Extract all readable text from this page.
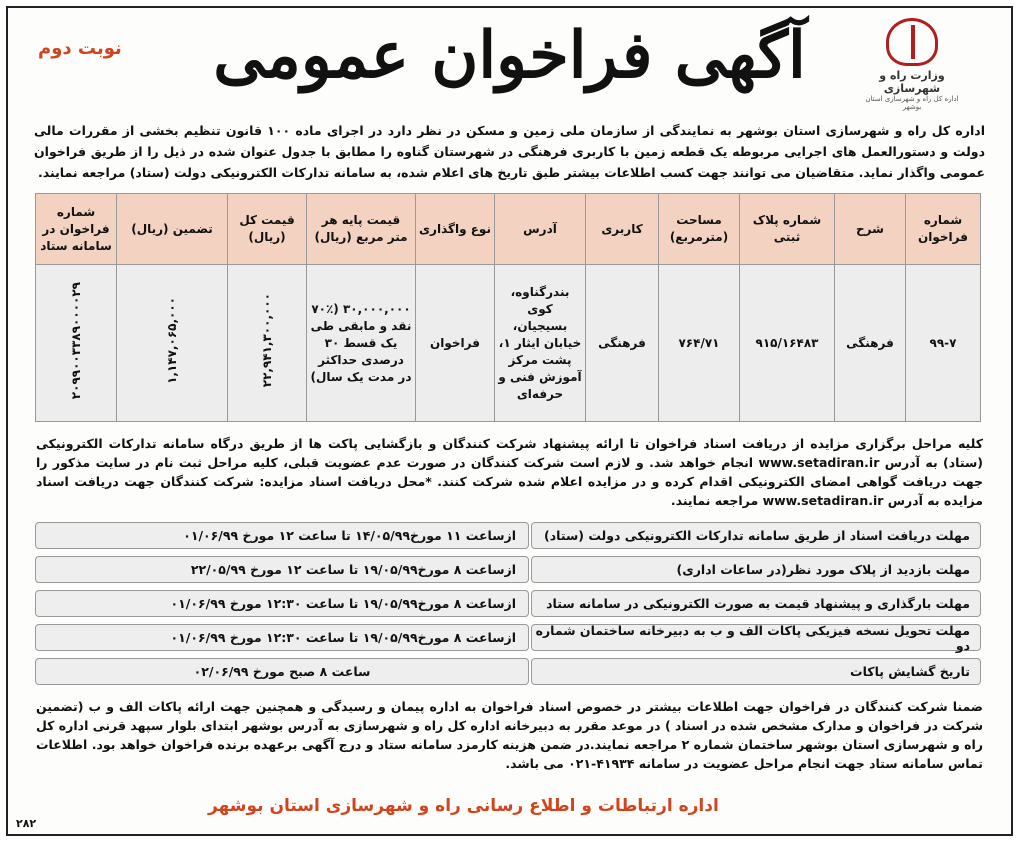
وزارت راه و شهرسازی
اداره کل راه و شهرسازی استان بوشهر
آگهی فراخوان عمومی
نوبت دوم
اداره کل راه و شهرسازی استان بوشهر به نمایندگی از سازمان ملی زمین و مسکن در نظر دارد در اجرای ماده ۱۰۰ قانون تنظیم بخشی از مقررات مالی دولت و دستورالعمل های اجرایی مربوطه یک قطعه زمین با کاربری فرهنگی در شهرستان گناوه را مطابق با جدول عنوان شده در ذیل را از طریق فراخوان عمومی واگذار نماید. متقاضیان می توانند جهت کسب اطلاعات بیشتر طبق تاریخ های اعلام شده، به سامانه تدارکات الکترونیکی دولت (ستاد) مراجعه نمایند.
شماره فراخوان	شرح	شماره پلاک ثبتی	مساحت (مترمربع)	کاربری	آدرس	نوع واگذاری	قیمت پایه هر متر مربع (ریال)	قیمت کل (ریال)	تضمین (ریال)	شماره فراخوان در سامانه ستاد
۹۹-۷	فرهنگی	۹۱۵/۱۶۴۸۳	۷۶۴/۷۱	فرهنگی	بندرگناوه، کوی بسیجیان، خیابان ایثار ۱، پشت مرکز آموزش فنی و حرفه‌ای	فراخوان	۳۰,۰۰۰,۰۰۰ (۷۰٪ نقد و مابقی طی یک قسط ۳۰ درصدی حداکثر در مدت یک سال)	۲۲,۹۴۱,۳۰۰,۰۰۰	۱,۱۴۷,۰۶۵,۰۰۰	۲۰۹۹۰۰۳۳۸۹۰۰۰۰۲۹
کلیه مراحل برگزاری مزایده از دریافت اسناد فراخوان تا ارائه پیشنهاد شرکت کنندگان و بازگشایی پاکت ها از طریق درگاه سامانه تدارکات الکترونیکی (ستاد) به آدرس www.setadiran.ir انجام خواهد شد. و لازم است شرکت کنندگان در صورت عدم عضویت قبلی، کلیه مراحل ثبت نام در سایت مذکور را جهت دریافت گواهی امضای الکترونیکی اقدام کرده و در مزایده اعلام شده شرکت کنند. *محل دریافت اسناد مزایده: شرکت کنندگان جهت دریافت اسناد مزایده به آدرس www.setadiran.ir مراجعه نمایند.
مهلت دریافت اسناد از طریق سامانه تدارکات الکترونیکی دولت (ستاد)
ازساعت ۱۱ مورخ۱۴/۰۵/۹۹ تا ساعت ۱۲ مورخ ۰۱/۰۶/۹۹
مهلت بازدید از پلاک مورد نظر(در ساعات اداری)
ازساعت ۸ مورخ۱۹/۰۵/۹۹ تا ساعت ۱۲ مورخ ۲۲/۰۵/۹۹
مهلت بارگذاری و پیشنهاد قیمت به صورت الکترونیکی در سامانه ستاد
ازساعت ۸ مورخ۱۹/۰۵/۹۹ تا ساعت ۱۲:۳۰ مورخ ۰۱/۰۶/۹۹
مهلت تحویل نسخه فیزیکی پاکات الف و ب به دبیرخانه ساختمان شماره دو
ازساعت ۸ مورخ۱۹/۰۵/۹۹ تا ساعت ۱۲:۳۰ مورخ ۰۱/۰۶/۹۹
تاریخ گشایش پاکات
ساعت ۸ صبح مورخ ۰۲/۰۶/۹۹
ضمنا شرکت کنندگان در فراخوان جهت اطلاعات بیشتر در خصوص اسناد فراخوان به اداره پیمان و رسیدگی و همچنین جهت ارائه پاکات الف و ب (تضمین شرکت در فراخوان و مدارک مشخص شده در اسناد ) در موعد مقرر به دبیرخانه اداره کل راه و شهرسازی به آدرس بوشهر ابتدای بلوار سپهد قرنی اداره کل راه و شهرسازی استان بوشهر ساختمان شماره ۲ مراجعه نمایند.در ضمن هزینه کارمزد سامانه ستاد و درج آگهی برعهده برنده فراخوان خواهد بود. اطلاعات تماس سامانه ستاد جهت انجام مراحل عضویت در سامانه ۴۱۹۳۴-۰۲۱ می باشد.
اداره ارتباطات و اطلاع رسانی راه و شهرسازی استان بوشهر
۲۸۲
